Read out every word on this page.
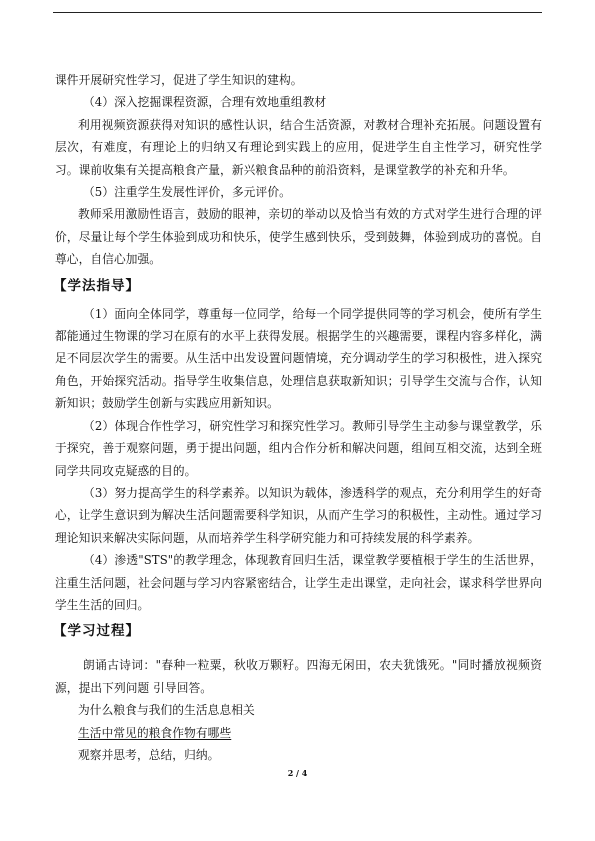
课件开展研究性学习，促进了学生知识的建构。

（4）深入挖掘课程资源，合理有效地重组教材

利用视频资源获得对知识的感性认识，结合生活资源，对教材合理补充拓展。问题设置有层次，有难度，有理论上的归纳又有理论到实践上的应用，促进学生自主性学习，研究性学习。课前收集有关提高粮食产量，新兴粮食品种的前沿资料，是课堂教学的补充和升华。

（5）注重学生发展性评价，多元评价。

教师采用激励性语言，鼓励的眼神，亲切的举动以及恰当有效的方式对学生进行合理的评价，尽量让每个学生体验到成功和快乐，使学生感到快乐，受到鼓舞，体验到成功的喜悦。自尊心，自信心加强。

【学法指导】

（1）面向全体同学，尊重每一位同学，给每一个同学提供同等的学习机会，使所有学生都能通过生物课的学习在原有的水平上获得发展。根据学生的兴趣需要，课程内容多样化，满足不同层次学生的需要。从生活中出发设置问题情境，充分调动学生的学习积极性，进入探究角色，开始探究活动。指导学生收集信息，处理信息获取新知识；引导学生交流与合作，认知新知识；鼓励学生创新与实践应用新知识。

（2）体现合作性学习，研究性学习和探究性学习。教师引导学生主动参与课堂教学，乐于探究，善于观察问题，勇于提出问题，组内合作分析和解决问题，组间互相交流，达到全班同学共同攻克疑惑的目的。

（3）努力提高学生的科学素养。以知识为载体，渗透科学的观点，充分利用学生的好奇心，让学生意识到为解决生活问题需要科学知识，从而产生学习的积极性，主动性。通过学习理论知识来解决实际问题，从而培养学生科学研究能力和可持续发展的科学素养。

（4）渗透"STS"的教学理念，体现教育回归生活，课堂教学要植根于学生的生活世界，注重生活问题，社会问题与学习内容紧密结合，让学生走出课堂，走向社会，谋求科学世界向学生生活的回归。

【学习过程】

朗诵古诗词："春种一粒粟，秋收万颗籽。四海无闲田，农夫犹饿死。"同时播放视频资源，提出下列问题 引导回答。

为什么粮食与我们的生活息息相关

生活中常见的粮食作物有哪些

观察并思考，总结，归纳。

2 / 4
